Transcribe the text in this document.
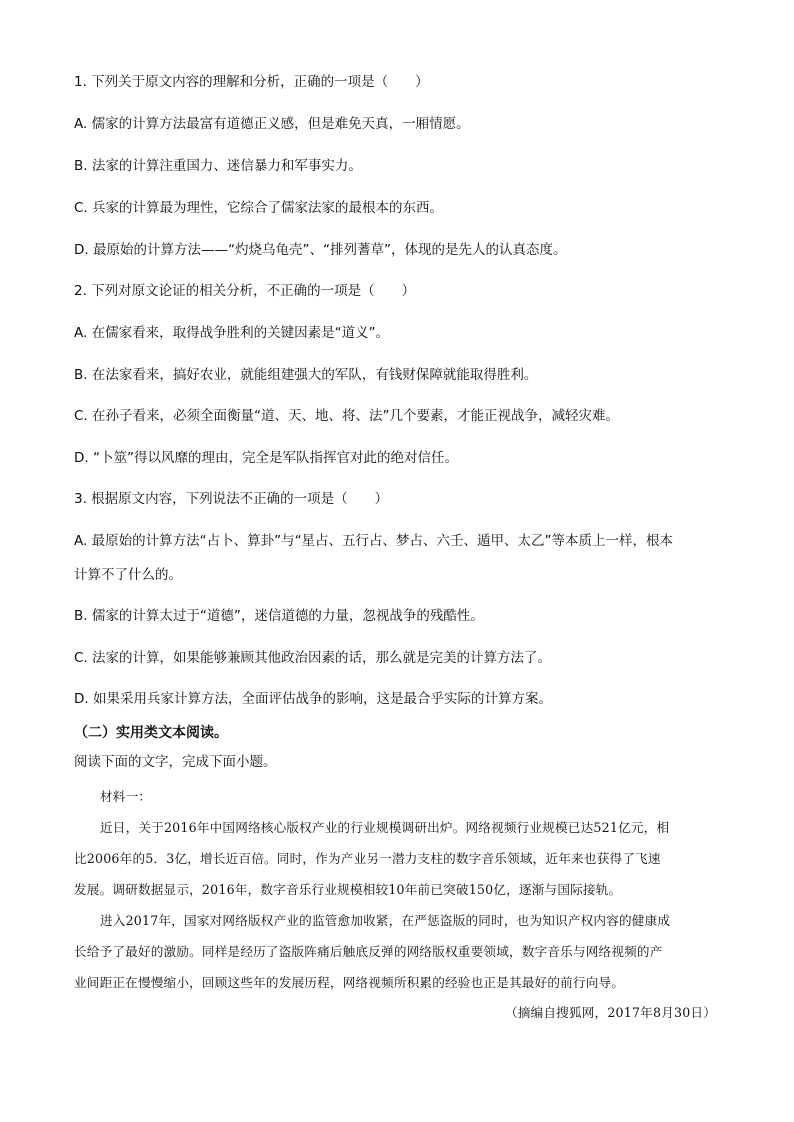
1. 下列关于原文内容的理解和分析，正确的一项是（　　）
A. 儒家的计算方法最富有道德正义感，但是难免天真，一厢情愿。
B. 法家的计算注重国力、迷信暴力和军事实力。
C. 兵家的计算最为理性，它综合了儒家法家的最根本的东西。
D. 最原始的计算方法——“灼烧乌龟壳”、“排列蓍草”，体现的是先人的认真态度。
2. 下列对原文论证的相关分析，不正确的一项是（　　）
A. 在儒家看来，取得战争胜利的关键因素是“道义”。
B. 在法家看来，搞好农业，就能组建强大的军队，有钱财保障就能取得胜利。
C. 在孙子看来，必须全面衡量“道、天、地、将、法”几个要素，才能正视战争，减轻灾难。
D. “卜筮”得以风靡的理由，完全是军队指挥官对此的绝对信任。
3. 根据原文内容，下列说法不正确的一项是（　　）
A. 最原始的计算方法“占卜、算卦”与“星占、五行占、梦占、六壬、遁甲、太乙”等本质上一样，根本
计算不了什么的。
B. 儒家的计算太过于“道德”，迷信道德的力量，忽视战争的残酷性。
C. 法家的计算，如果能够兼顾其他政治因素的话，那么就是完美的计算方法了。
D. 如果采用兵家计算方法，全面评估战争的影响，这是最合乎实际的计算方案。
（二）实用类文本阅读。
阅读下面的文字，完成下面小题。
材料一：
近日，关于2016年中国网络核心版权产业的行业规模调研出炉。网络视频行业规模已达521亿元，相
比2006年的5．3亿，增长近百倍。同时，作为产业另一潜力支柱的数字音乐领域，近年来也获得了飞速
发展。调研数据显示，2016年，数字音乐行业规模相较10年前已突破150亿，逐渐与国际接轨。
进入2017年，国家对网络版权产业的监管愈加收紧，在严惩盗版的同时，也为知识产权内容的健康成
长给予了最好的激励。同样是经历了盗版阵痛后触底反弹的网络版权重要领域，数字音乐与网络视频的产
业间距正在慢慢缩小，回顾这些年的发展历程，网络视频所积累的经验也正是其最好的前行向导。
（摘编自搜狐网，2017年8月30日）
